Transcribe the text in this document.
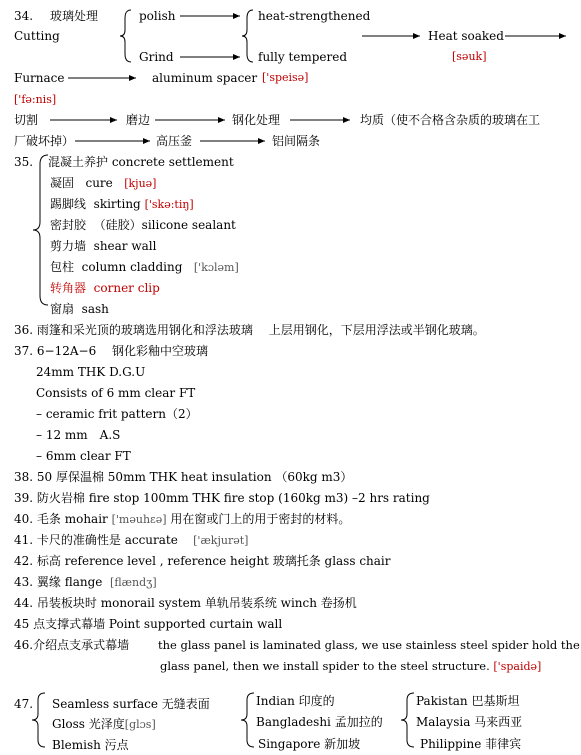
34. 玻璃处理
Cutting
polish
Grind
heat-strengthened
fully tempered
Heat soaked
[səuk]
Furnace
['fə:nis]
aluminum spacer ['speisə]
切割	磨边	钢化处理	均质（使不合格含杂质的玻璃在工
厂破坏掉）	高压釜	铝间隔条
35. 混凝土养护 concrete settlement
凝固 cure [kjuə]
踢脚线 skirting ['skə:tiŋ]
密封胶 （硅胶）silicone sealant
剪力墙 shear wall
包柱 column cladding ['kɔləm]
转角器 corner clip
窗扇 sash
36. 雨篷和采光顶的玻璃选用钢化和浮法玻璃　 上层用钢化，下层用浮法或半钢化玻璃。
37. 6−12A−6　 钢化彩釉中空玻璃
24mm THK D.G.U
Consists of 6 mm clear FT
– ceramic frit pattern（2）
– 12 mm　A.S
– 6mm clear FT
38. 50 厚保温棉 50mm THK heat insulation （60kg m3）
39. 防火岩棉 fire stop 100mm THK fire stop (160kg m3) –2 hrs rating
40. 毛条 mohair ['məuhεə] 用在窗或门上的用于密封的材料。
41. 卡尺的准确性是 accurate ['ækjurət]
42. 标高 reference level , reference height 玻璃托条 glass chair
43. 翼缘 flange [flændʒ]
44. 吊装板块时 monorail system 单轨吊装系统 winch 卷扬机
45 点支撑式幕墙 Point supported curtain wall
46.介绍点支承式幕墙	the glass panel is laminated glass, we use stainless steel spider hold the
glass panel, then we install spider to the steel structure. ['spaidə]
47. Seamless surface 无缝表面
Gloss 光泽度[glɔs]
Blemish 污点
Indian 印度的
Bangladeshi 孟加拉的
Singapore 新加坡
Pakistan 巴基斯坦
Malaysia 马来西亚
Philippine 菲律宾
